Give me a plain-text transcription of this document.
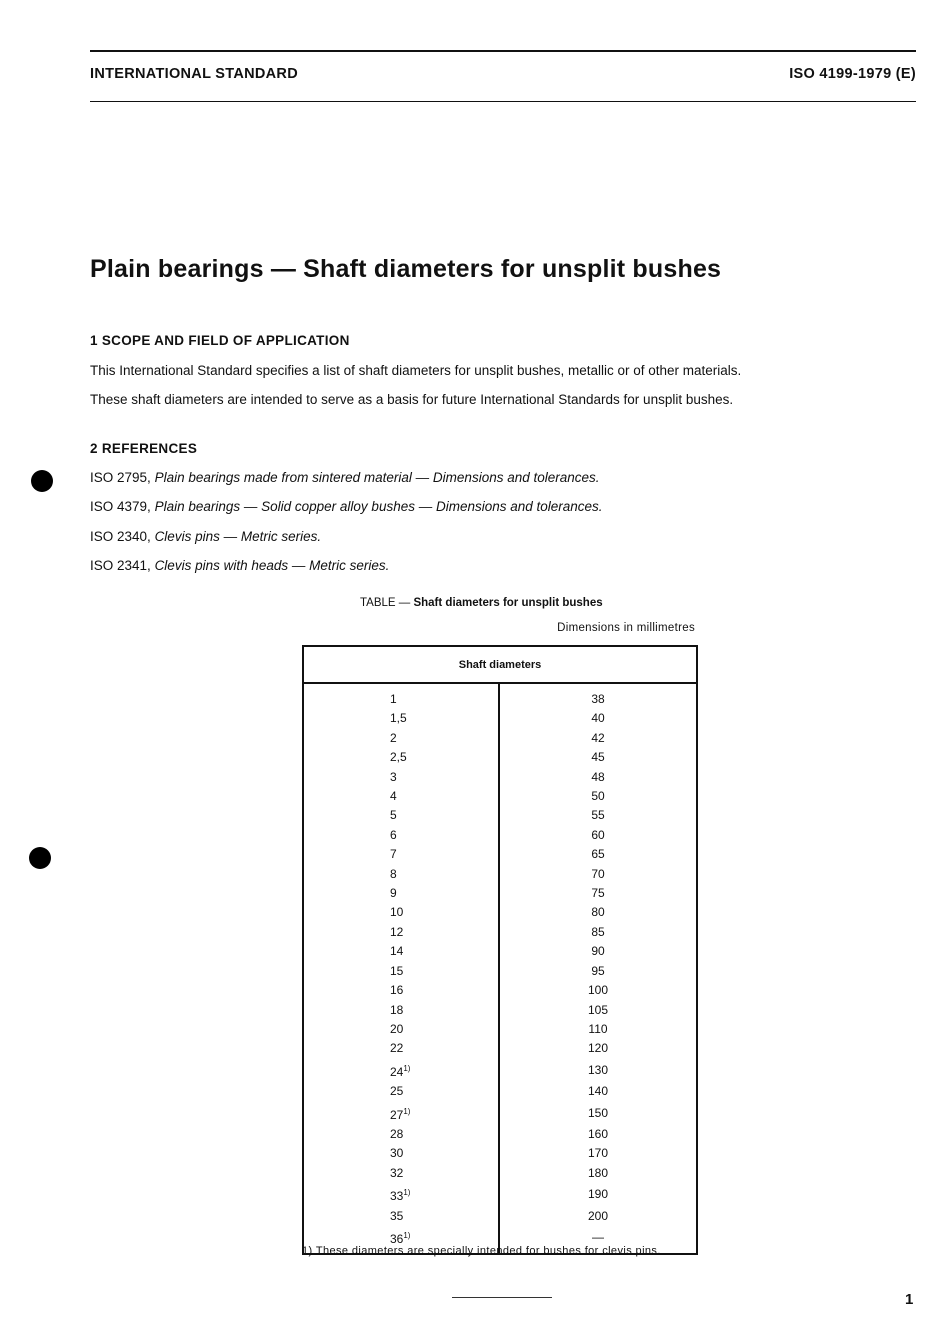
INTERNATIONAL STANDARD	ISO 4199-1979 (E)
Plain bearings — Shaft diameters for unsplit bushes
1 SCOPE AND FIELD OF APPLICATION
This International Standard specifies a list of shaft diameters for unsplit bushes, metallic or of other materials.
These shaft diameters are intended to serve as a basis for future International Standards for unsplit bushes.
2 REFERENCES
ISO 2795, Plain bearings made from sintered material — Dimensions and tolerances.
ISO 4379, Plain bearings — Solid copper alloy bushes — Dimensions and tolerances.
ISO 2340, Clevis pins — Metric series.
ISO 2341, Clevis pins with heads — Metric series.
TABLE — Shaft diameters for unsplit bushes
Dimensions in millimetres
Shaft diameters	
1	38
1,5	40
2	42
2,5	45
3	48
4	50
5	55
6	60
7	65
8	70
9	75
10	80
12	85
14	90
15	95
16	100
18	105
20	110
22	120
24$^{1)}$	130
25	140
27$^{1)}$	150
28	160
30	170
32	180
33$^{1)}$	190
35	200
36$^{1)}$	—
1) These diameters are specially intended for bushes for clevis pins.
1
